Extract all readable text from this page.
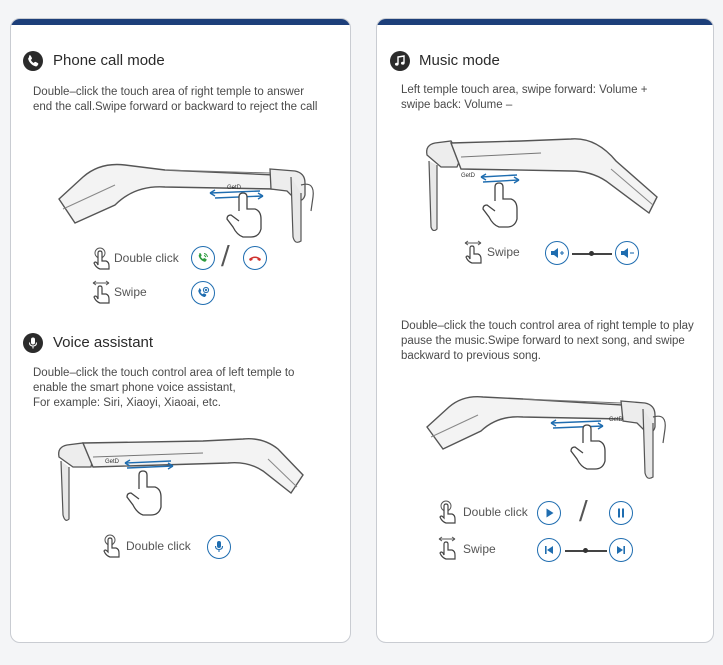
Phone call mode
Double–click the touch area of right temple to answer
end the call.Swipe forward or backward to reject the call
GetD
Double click /
Swipe
Voice assistant
Double–click the touch control area of left temple to
enable the smart phone voice assistant,
For example: Siri, Xiaoyi, Xiaoai, etc.
GetD
Double click
Music mode
Left temple touch area, swipe forward: Volume +
swipe back: Volume –
GetD
Swipe
Double–click the touch control area of right temple to play
pause the music.Swipe forward to next song, and swipe
backward to previous song.
GetD
Double click /
Swipe
